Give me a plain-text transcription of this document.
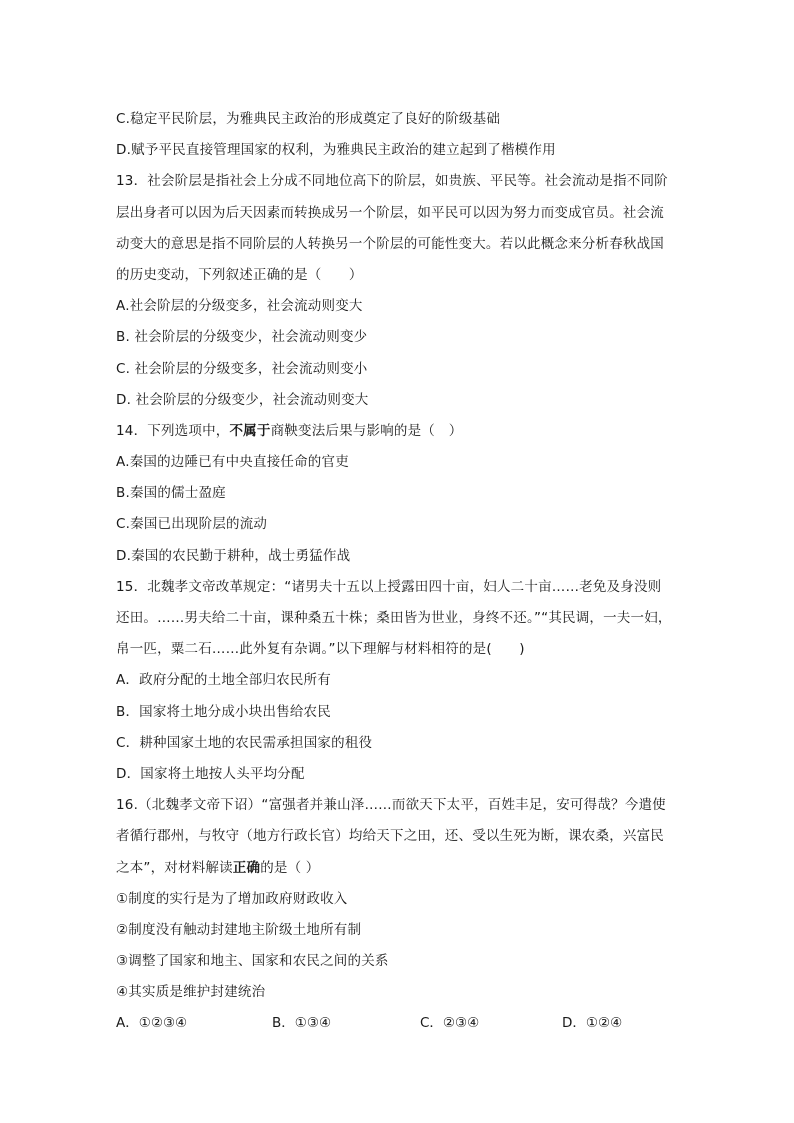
C.稳定平民阶层，为雅典民主政治的形成奠定了良好的阶级基础
D.赋予平民直接管理国家的权利，为雅典民主政治的建立起到了楷模作用
13．社会阶层是指社会上分成不同地位高下的阶层，如贵族、平民等。社会流动是指不同阶
层出身者可以因为后天因素而转换成另一个阶层，如平民可以因为努力而变成官员。社会流
动变大的意思是指不同阶层的人转换另一个阶层的可能性变大。若以此概念来分析春秋战国
的历史变动，下列叙述正确的是（　　）
A.社会阶层的分级变多，社会流动则变大
B. 社会阶层的分级变少，社会流动则变少
C. 社会阶层的分级变多，社会流动则变小
D. 社会阶层的分级变少，社会流动则变大
14．下列选项中，不属于商鞅变法后果与影响的是（　）
A.秦国的边陲已有中央直接任命的官吏
B.秦国的儒士盈庭
C.秦国已出现阶层的流动
D.秦国的农民勤于耕种，战士勇猛作战
15．北魏孝文帝改革规定：“诸男夫十五以上授露田四十亩，妇人二十亩……老免及身没则
还田。……男夫给二十亩，课种桑五十株；桑田皆为世业，身终不还。”“其民调，一夫一妇，
帛一匹，粟二石……此外复有杂调。”以下理解与材料相符的是(　　)
A．政府分配的土地全部归农民所有
B．国家将土地分成小块出售给农民
C．耕种国家土地的农民需承担国家的租役
D．国家将土地按人头平均分配
16.（北魏孝文帝下诏）“富强者并兼山泽……而欲天下太平，百姓丰足，安可得哉？今遣使
者循行郡州，与牧守（地方行政长官）均给天下之田，还、受以生死为断，课农桑，兴富民
之本”，对材料解读正确的是（ ）
①制度的实行是为了增加政府财政收入
②制度没有触动封建地主阶级土地所有制
③调整了国家和地主、国家和农民之间的关系
④其实质是维护封建统治
A．①②③④	B．①③④	C．②③④	D．①②④
